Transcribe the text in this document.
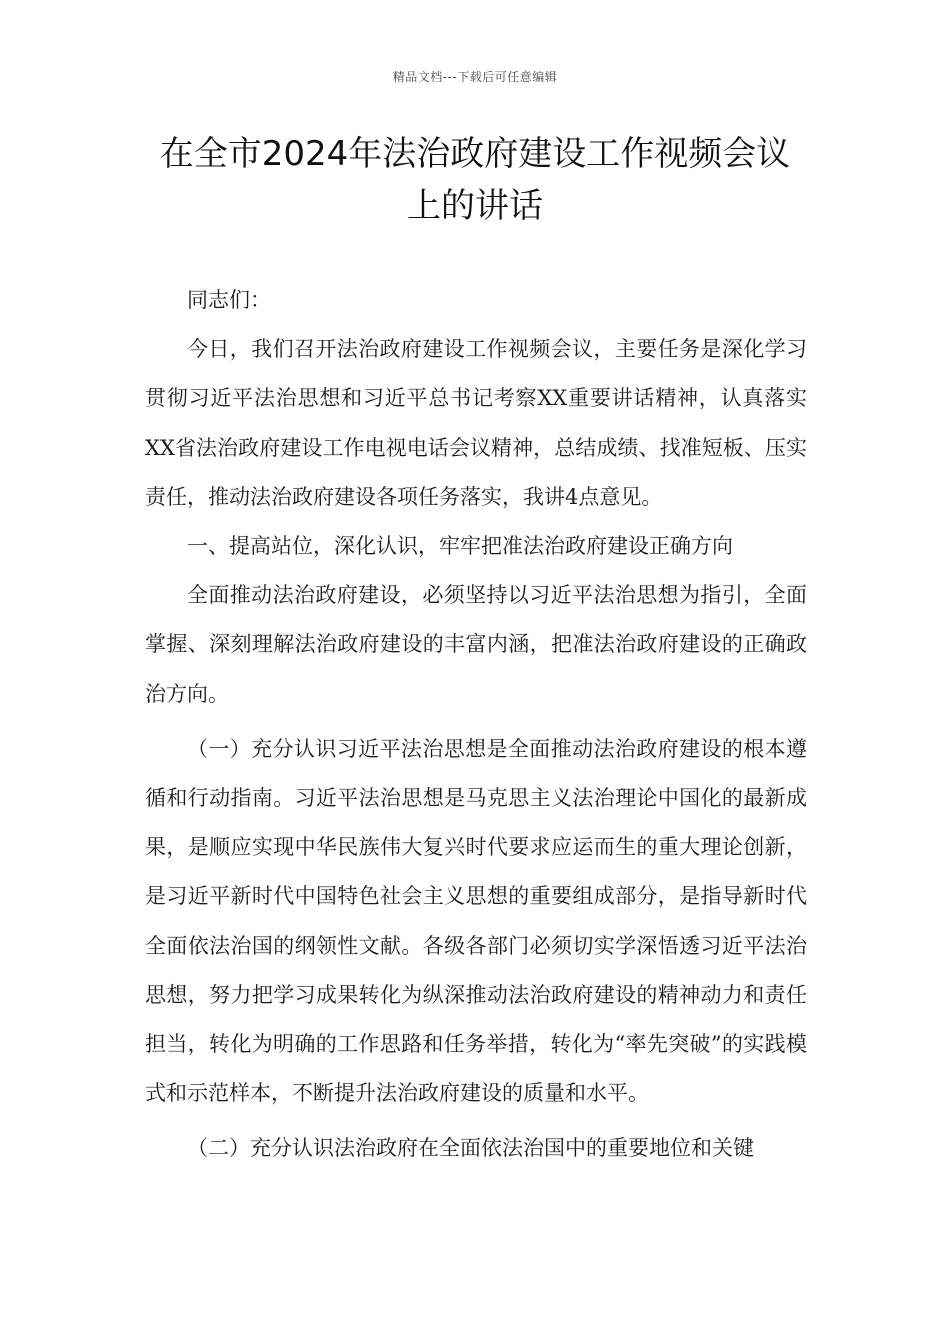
精品文档---下载后可任意编辑
在全市2024年法治政府建设工作视频会议上的讲话

同志们：

今日，我们召开法治政府建设工作视频会议，主要任务是深化学习贯彻习近平法治思想和习近平总书记考察XX重要讲话精神，认真落实XX省法治政府建设工作电视电话会议精神，总结成绩、找准短板、压实责任，推动法治政府建设各项任务落实，我讲4点意见。

一、提高站位，深化认识，牢牢把准法治政府建设正确方向

全面推动法治政府建设，必须坚持以习近平法治思想为指引，全面掌握、深刻理解法治政府建设的丰富内涵，把准法治政府建设的正确政治方向。

（一）充分认识习近平法治思想是全面推动法治政府建设的根本遵循和行动指南。习近平法治思想是马克思主义法治理论中国化的最新成果，是顺应实现中华民族伟大复兴时代要求应运而生的重大理论创新，是习近平新时代中国特色社会主义思想的重要组成部分，是指导新时代全面依法治国的纲领性文献。各级各部门必须切实学深悟透习近平法治思想，努力把学习成果转化为纵深推动法治政府建设的精神动力和责任担当，转化为明确的工作思路和任务举措，转化为“率先突破”的实践模式和示范样本，不断提升法治政府建设的质量和水平。

（二）充分认识法治政府在全面依法治国中的重要地位和关键
